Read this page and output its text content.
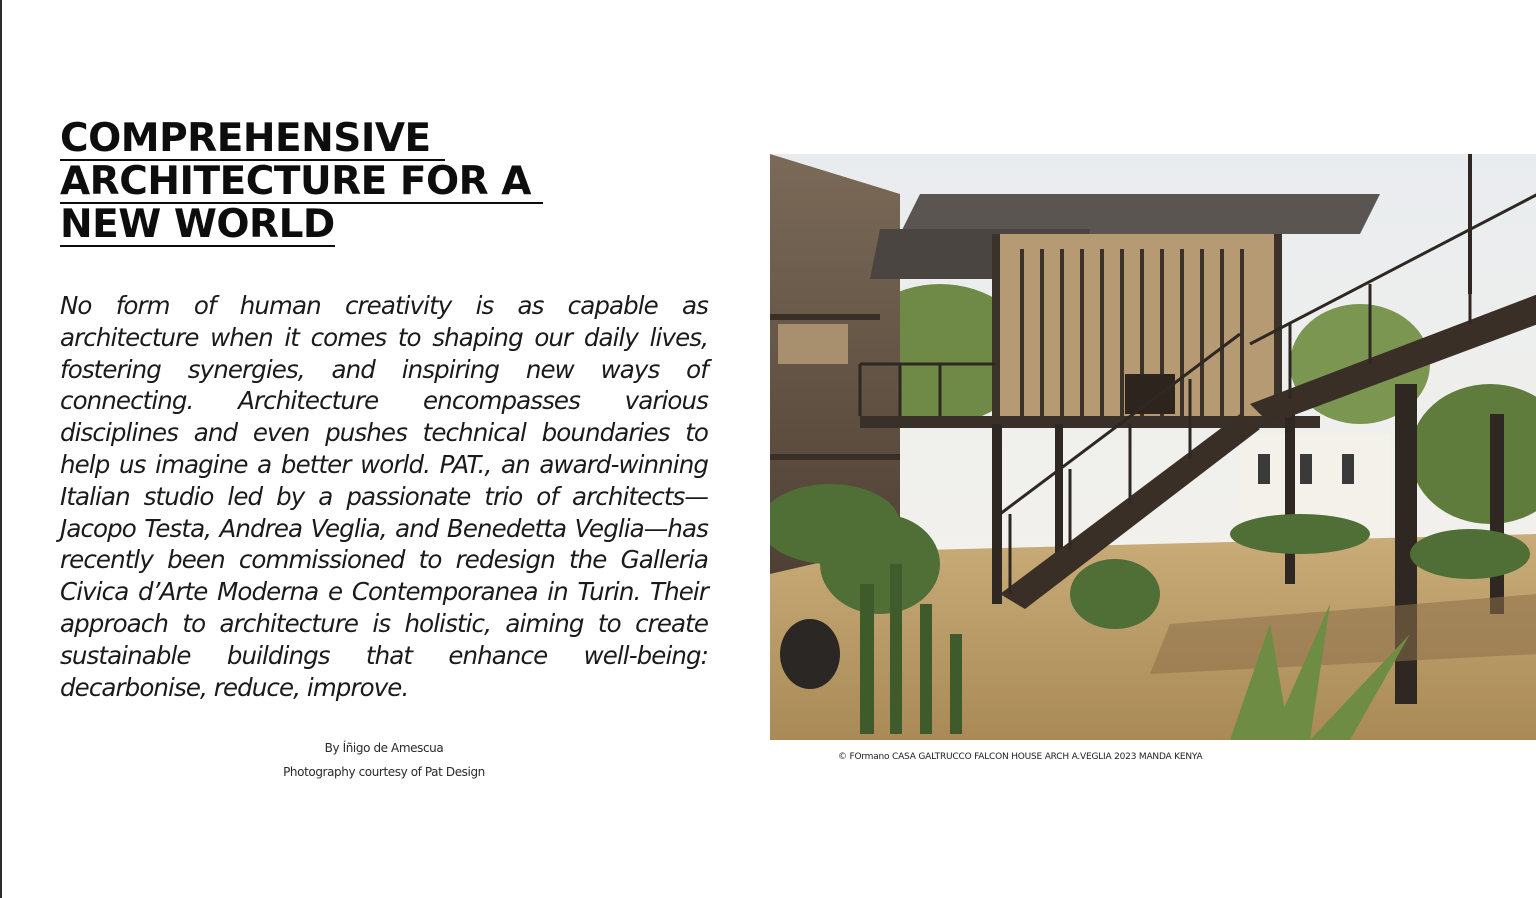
COMPREHENSIVE
ARCHITECTURE FOR A
NEW WORLD

No form of human creativity is as capable as architecture when it comes to shaping our daily lives, fostering synergies, and inspiring new ways of connecting. Architecture encompasses various disciplines and even pushes technical boundaries to help us imagine a better world. PAT., an award-winning Italian studio led by a passionate trio of architects—Jacopo Testa, Andrea Veglia, and Benedetta Veglia—has recently been commissioned to redesign the Galleria Civica d’Arte Moderna e Contemporanea in Turin. Their approach to architecture is holistic, aiming to create sustainable buildings that enhance well-being: decarbonise, reduce, improve.

By Íñigo de Amescua
Photography courtesy of Pat Design
© FOrmano CASA GALTRUCCO FALCON HOUSE ARCH A.VEGLIA 2023 MANDA KENYA
